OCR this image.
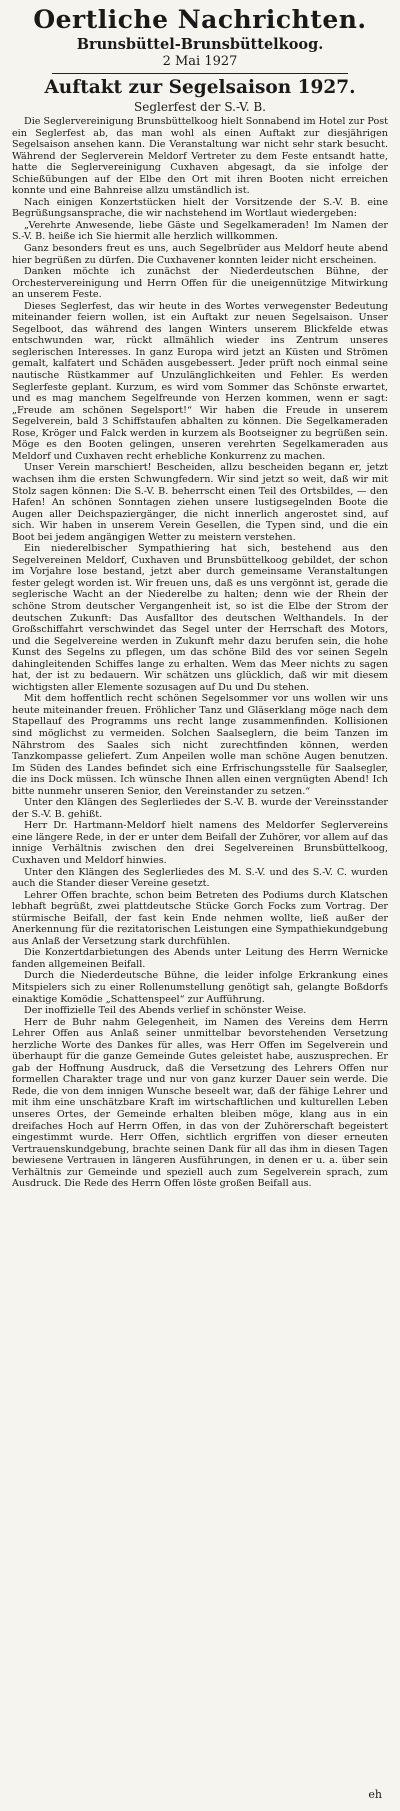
Oertliche Nachrichten.
Brunsbüttel-Brunsbüttelkoog.
2 Mai 1927
Auftakt zur Segelsaison 1927.
Seglerfest der S.-V. B.

Die Seglervereinigung Brunsbüttelkoog hielt Sonnabend im Hotel zur Post ein Seglerfest ab, das man wohl als einen Auftakt zur diesjährigen Segelsaison ansehen kann. Die Veranstaltung war nicht sehr stark besucht. Während der Seglerverein Meldorf Vertreter zu dem Feste entsandt hatte, hatte die Seglervereinigung Cuxhaven abgesagt, da sie infolge der Schießübungen auf der Elbe den Ort mit ihren Booten nicht erreichen konnte und eine Bahnreise allzu umständlich ist.

Nach einigen Konzertstücken hielt der Vorsitzende der S.-V. B. eine Begrüßungsansprache, die wir nachstehend im Wortlaut wiedergeben:

„Verehrte Anwesende, liebe Gäste und Segelkameraden! Im Namen der S.-V. B. heiße ich Sie hiermit alle herzlich willkommen.

Ganz besonders freut es uns, auch Segelbrüder aus Meldorf heute abend hier begrüßen zu dürfen. Die Cuxhavener konnten leider nicht erscheinen.

Danken möchte ich zunächst der Niederdeutschen Bühne, der Orchestervereinigung und Herrn Offen für die uneigennützige Mitwirkung an unserem Feste.

Dieses Seglerfest, das wir heute in des Wortes verwegenster Bedeutung miteinander feiern wollen, ist ein Auftakt zur neuen Segelsaison. Unser Segelboot, das während des langen Winters unserem Blickfelde etwas entschwunden war, rückt allmählich wieder ins Zentrum unseres seglerischen Interesses. In ganz Europa wird jetzt an Küsten und Strömen gemalt, kalfatert und Schäden ausgebessert. Jeder prüft noch einmal seine nautische Rüstkammer auf Unzulänglichkeiten und Fehler. Es werden Seglerfeste geplant. Kurzum, es wird vom Sommer das Schönste erwartet, und es mag manchem Segelfreunde von Herzen kommen, wenn er sagt: „Freude am schönen Segelsport!“ Wir haben die Freude in unserem Segelverein, bald 3 Schiffstaufen abhalten zu können. Die Segelkameraden Rose, Kröger und Falck werden in kurzem als Bootseigner zu begrüßen sein. Möge es den Booten gelingen, unseren verehrten Segelkameraden aus Meldorf und Cuxhaven recht erhebliche Konkurrenz zu machen.

Unser Verein marschiert! Bescheiden, allzu bescheiden begann er, jetzt wachsen ihm die ersten Schwungfedern. Wir sind jetzt so weit, daß wir mit Stolz sagen können: Die S.-V. B. beherrscht einen Teil des Ortsbildes, — den Hafen! An schönen Sonntagen ziehen unsere lustigsegelnden Boote die Augen aller Deichspaziergänger, die nicht innerlich angerostet sind, auf sich. Wir haben in unserem Verein Gesellen, die Typen sind, und die ein Boot bei jedem angängigen Wetter zu meistern verstehen.

Ein niederelbischer Sympathiering hat sich, bestehend aus den Segelvereinen Meldorf, Cuxhaven und Brunsbüttelkoog gebildet, der schon im Vorjahre lose bestand, jetzt aber durch gemeinsame Veranstaltungen fester gelegt worden ist. Wir freuen uns, daß es uns vergönnt ist, gerade die seglerische Wacht an der Niederelbe zu halten; denn wie der Rhein der schöne Strom deutscher Vergangenheit ist, so ist die Elbe der Strom der deutschen Zukunft: Das Ausfalltor des deutschen Welthandels. In der Großschiffahrt verschwindet das Segel unter der Herrschaft des Motors, und die Segelvereine werden in Zukunft mehr dazu berufen sein, die hohe Kunst des Segelns zu pflegen, um das schöne Bild des vor seinen Segeln dahingleitenden Schiffes lange zu erhalten. Wem das Meer nichts zu sagen hat, der ist zu bedauern. Wir schätzen uns glücklich, daß wir mit diesem wichtigsten aller Elemente sozusagen auf Du und Du stehen.

Mit dem hoffentlich recht schönen Segelsommer vor uns wollen wir uns heute miteinander freuen. Fröhlicher Tanz und Gläserklang möge nach dem Stapellauf des Programms uns recht lange zusammenfinden. Kollisionen sind möglichst zu vermeiden. Solchen Saalseglern, die beim Tanzen im Nährstrom des Saales sich nicht zurechtfinden können, werden Tanzkompasse geliefert. Zum Anpeilen wolle man schöne Augen benutzen. Im Süden des Landes befindet sich eine Erfrischungsstelle für Saalsegler, die ins Dock müssen. Ich wünsche Ihnen allen einen vergnügten Abend! Ich bitte nunmehr unseren Senior, den Vereinstander zu setzen.“

Unter den Klängen des Seglerliedes der S.-V. B. wurde der Vereinsstander der S.-V. B. gehißt.

Herr Dr. Hartmann-Meldorf hielt namens des Meldorfer Seglervereins eine längere Rede, in der er unter dem Beifall der Zuhörer, vor allem auf das innige Verhältnis zwischen den drei Segelvereinen Brunsbüttelkoog, Cuxhaven und Meldorf hinwies.

Unter den Klängen des Seglerliedes des M. S.-V. und des S.-V. C. wurden auch die Stander dieser Vereine gesetzt.

Lehrer Offen brachte, schon beim Betreten des Podiums durch Klatschen lebhaft begrüßt, zwei plattdeutsche Stücke Gorch Focks zum Vortrag. Der stürmische Beifall, der fast kein Ende nehmen wollte, ließ außer der Anerkennung für die rezitatorischen Leistungen eine Sympathiekundgebung aus Anlaß der Versetzung stark durchfühlen.

Die Konzertdarbietungen des Abends unter Leitung des Herrn Wernicke fanden allgemeinen Beifall.

Durch die Niederdeutsche Bühne, die leider infolge Erkrankung eines Mitspielers sich zu einer Rollenumstellung genötigt sah, gelangte Boßdorfs einaktige Komödie „Schattenspeel“ zur Aufführung.

Der inoffizielle Teil des Abends verlief in schönster Weise.

Herr de Buhr nahm Gelegenheit, im Namen des Vereins dem Herrn Lehrer Offen aus Anlaß seiner unmittelbar bevorstehenden Versetzung herzliche Worte des Dankes für alles, was Herr Offen im Segelverein und überhaupt für die ganze Gemeinde Gutes geleistet habe, auszusprechen. Er gab der Hoffnung Ausdruck, daß die Versetzung des Lehrers Offen nur formellen Charakter trage und nur von ganz kurzer Dauer sein werde. Die Rede, die von dem innigen Wunsche beseelt war, daß der fähige Lehrer und mit ihm eine unschätzbare Kraft im wirtschaftlichen und kulturellen Leben unseres Ortes, der Gemeinde erhalten bleiben möge, klang aus in ein dreifaches Hoch auf Herrn Offen, in das von der Zuhörerschaft begeistert eingestimmt wurde. Herr Offen, sichtlich ergriffen von dieser erneuten Vertrauenskundgebung, brachte seinen Dank für all das ihm in diesen Tagen bewiesene Vertrauen in längeren Ausführungen, in denen er u. a. über sein Verhältnis zur Gemeinde und speziell auch zum Segelverein sprach, zum Ausdruck. Die Rede des Herrn Offen löste großen Beifall aus.

eh
